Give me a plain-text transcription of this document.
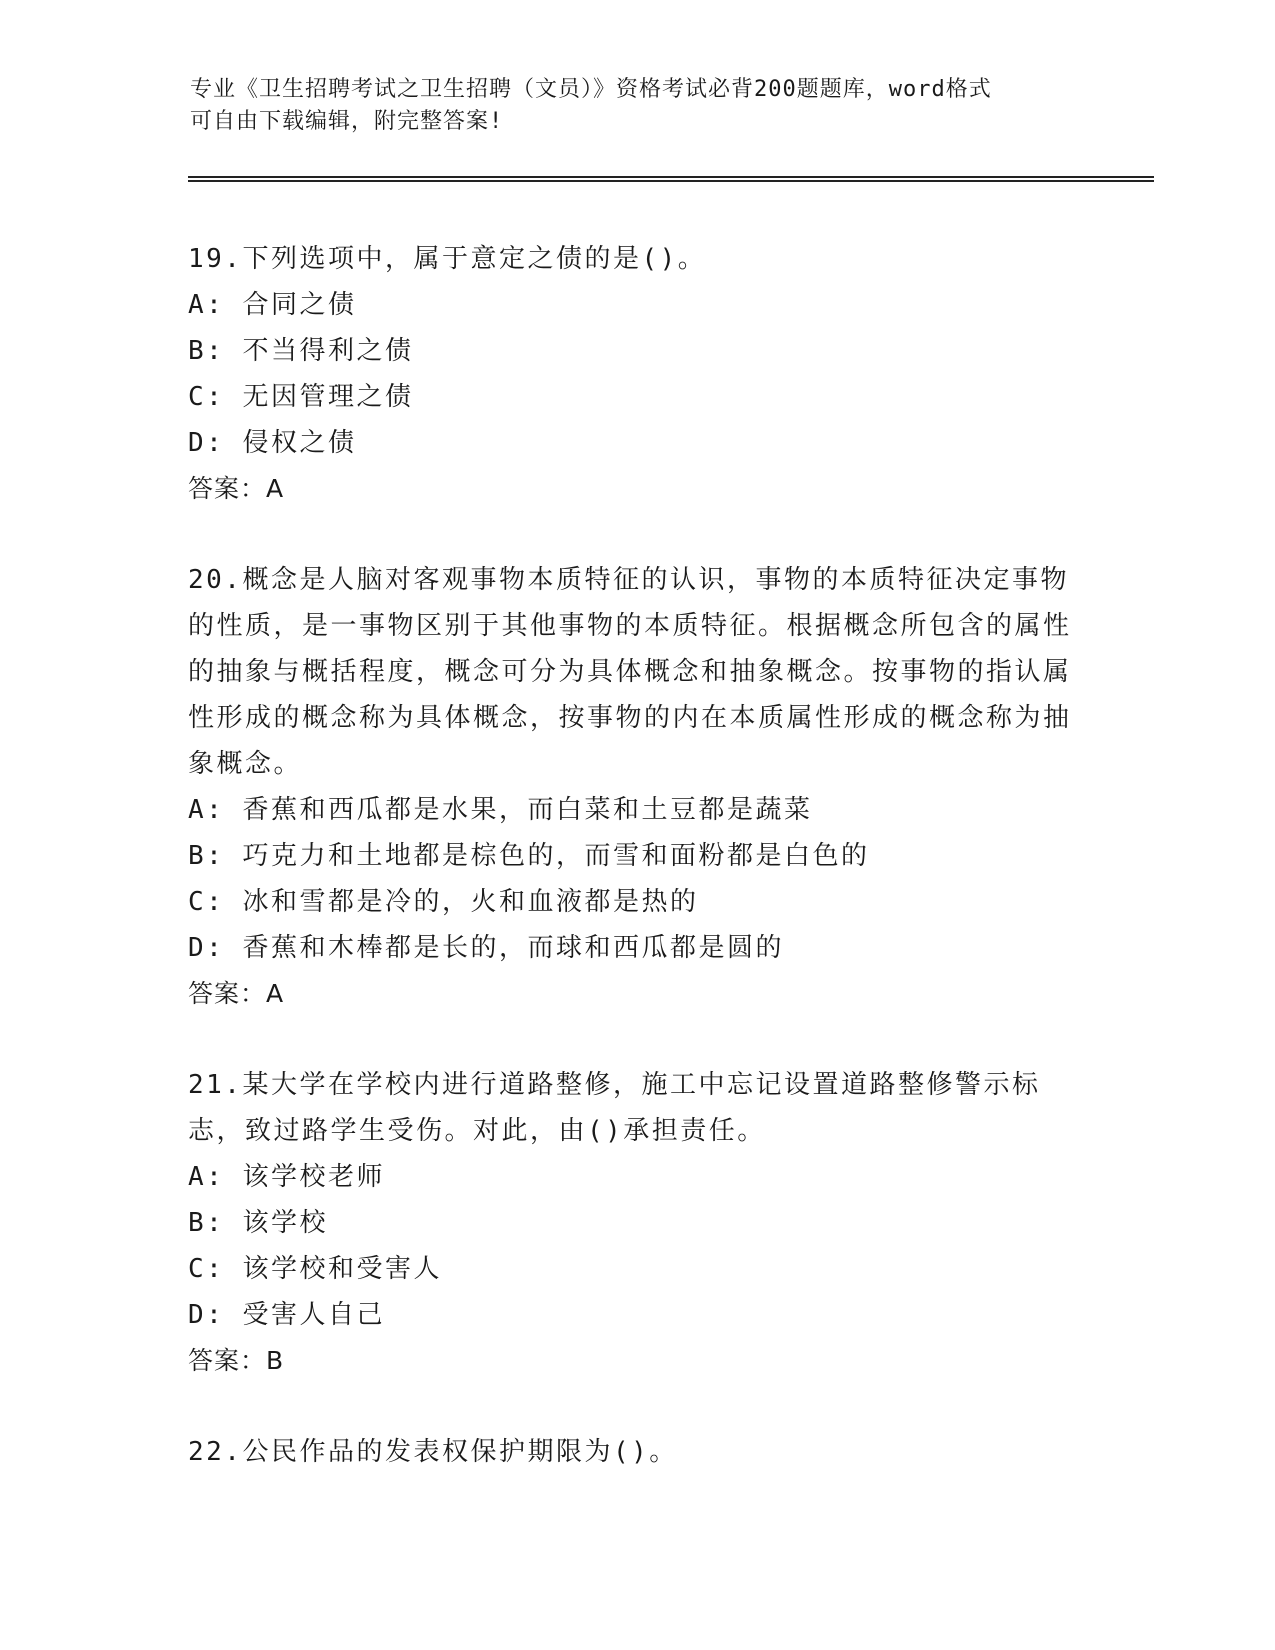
专业《卫生招聘考试之卫生招聘（文员）》资格考试必背200题题库，word格式
可自由下载编辑，附完整答案!

19.下列选项中，属于意定之债的是()。

A: 合同之债

B: 不当得利之债

C: 无因管理之债

D: 侵权之债

答案：A

20.概念是人脑对客观事物本质特征的认识，事物的本质特征决定事物的性质，是一事物区别于其他事物的本质特征。根据概念所包含的属性的抽象与概括程度，概念可分为具体概念和抽象概念。按事物的指认属性形成的概念称为具体概念，按事物的内在本质属性形成的概念称为抽象概念。

A: 香蕉和西瓜都是水果，而白菜和土豆都是蔬菜

B: 巧克力和土地都是棕色的，而雪和面粉都是白色的

C: 冰和雪都是冷的，火和血液都是热的

D: 香蕉和木棒都是长的，而球和西瓜都是圆的

答案：A

21.某大学在学校内进行道路整修，施工中忘记设置道路整修警示标志，致过路学生受伤。对此，由()承担责任。

A: 该学校老师

B: 该学校

C: 该学校和受害人

D: 受害人自己

答案：B

22.公民作品的发表权保护期限为()。
